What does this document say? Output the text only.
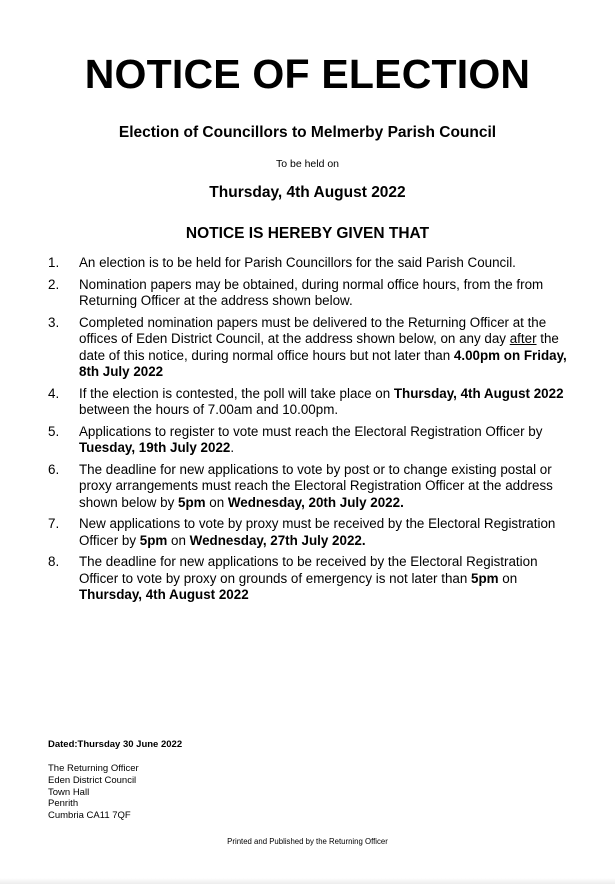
NOTICE OF ELECTION
Election of Councillors to Melmerby Parish Council
To be held on
Thursday, 4th August 2022
NOTICE IS HEREBY GIVEN THAT
1. An election is to be held for Parish Councillors for the said Parish Council.
2. Nomination papers may be obtained, during normal office hours, from the from Returning Officer at the address shown below.
3. Completed nomination papers must be delivered to the Returning Officer at the offices of Eden District Council, at the address shown below, on any day after the date of this notice, during normal office hours but not later than 4.00pm on Friday, 8th July 2022
4. If the election is contested, the poll will take place on Thursday, 4th August 2022 between the hours of 7.00am and 10.00pm.
5. Applications to register to vote must reach the Electoral Registration Officer by Tuesday, 19th July 2022.
6. The deadline for new applications to vote by post or to change existing postal or proxy arrangements must reach the Electoral Registration Officer at the address shown below by 5pm on Wednesday, 20th July 2022.
7. New applications to vote by proxy must be received by the Electoral Registration Officer by 5pm on Wednesday, 27th July 2022.
8. The deadline for new applications to be received by the Electoral Registration Officer to vote by proxy on grounds of emergency is not later than 5pm on Thursday, 4th August 2022
Dated:Thursday 30 June 2022
The Returning Officer
Eden District Council
Town Hall
Penrith
Cumbria CA11 7QF
Printed and Published by the Returning Officer
